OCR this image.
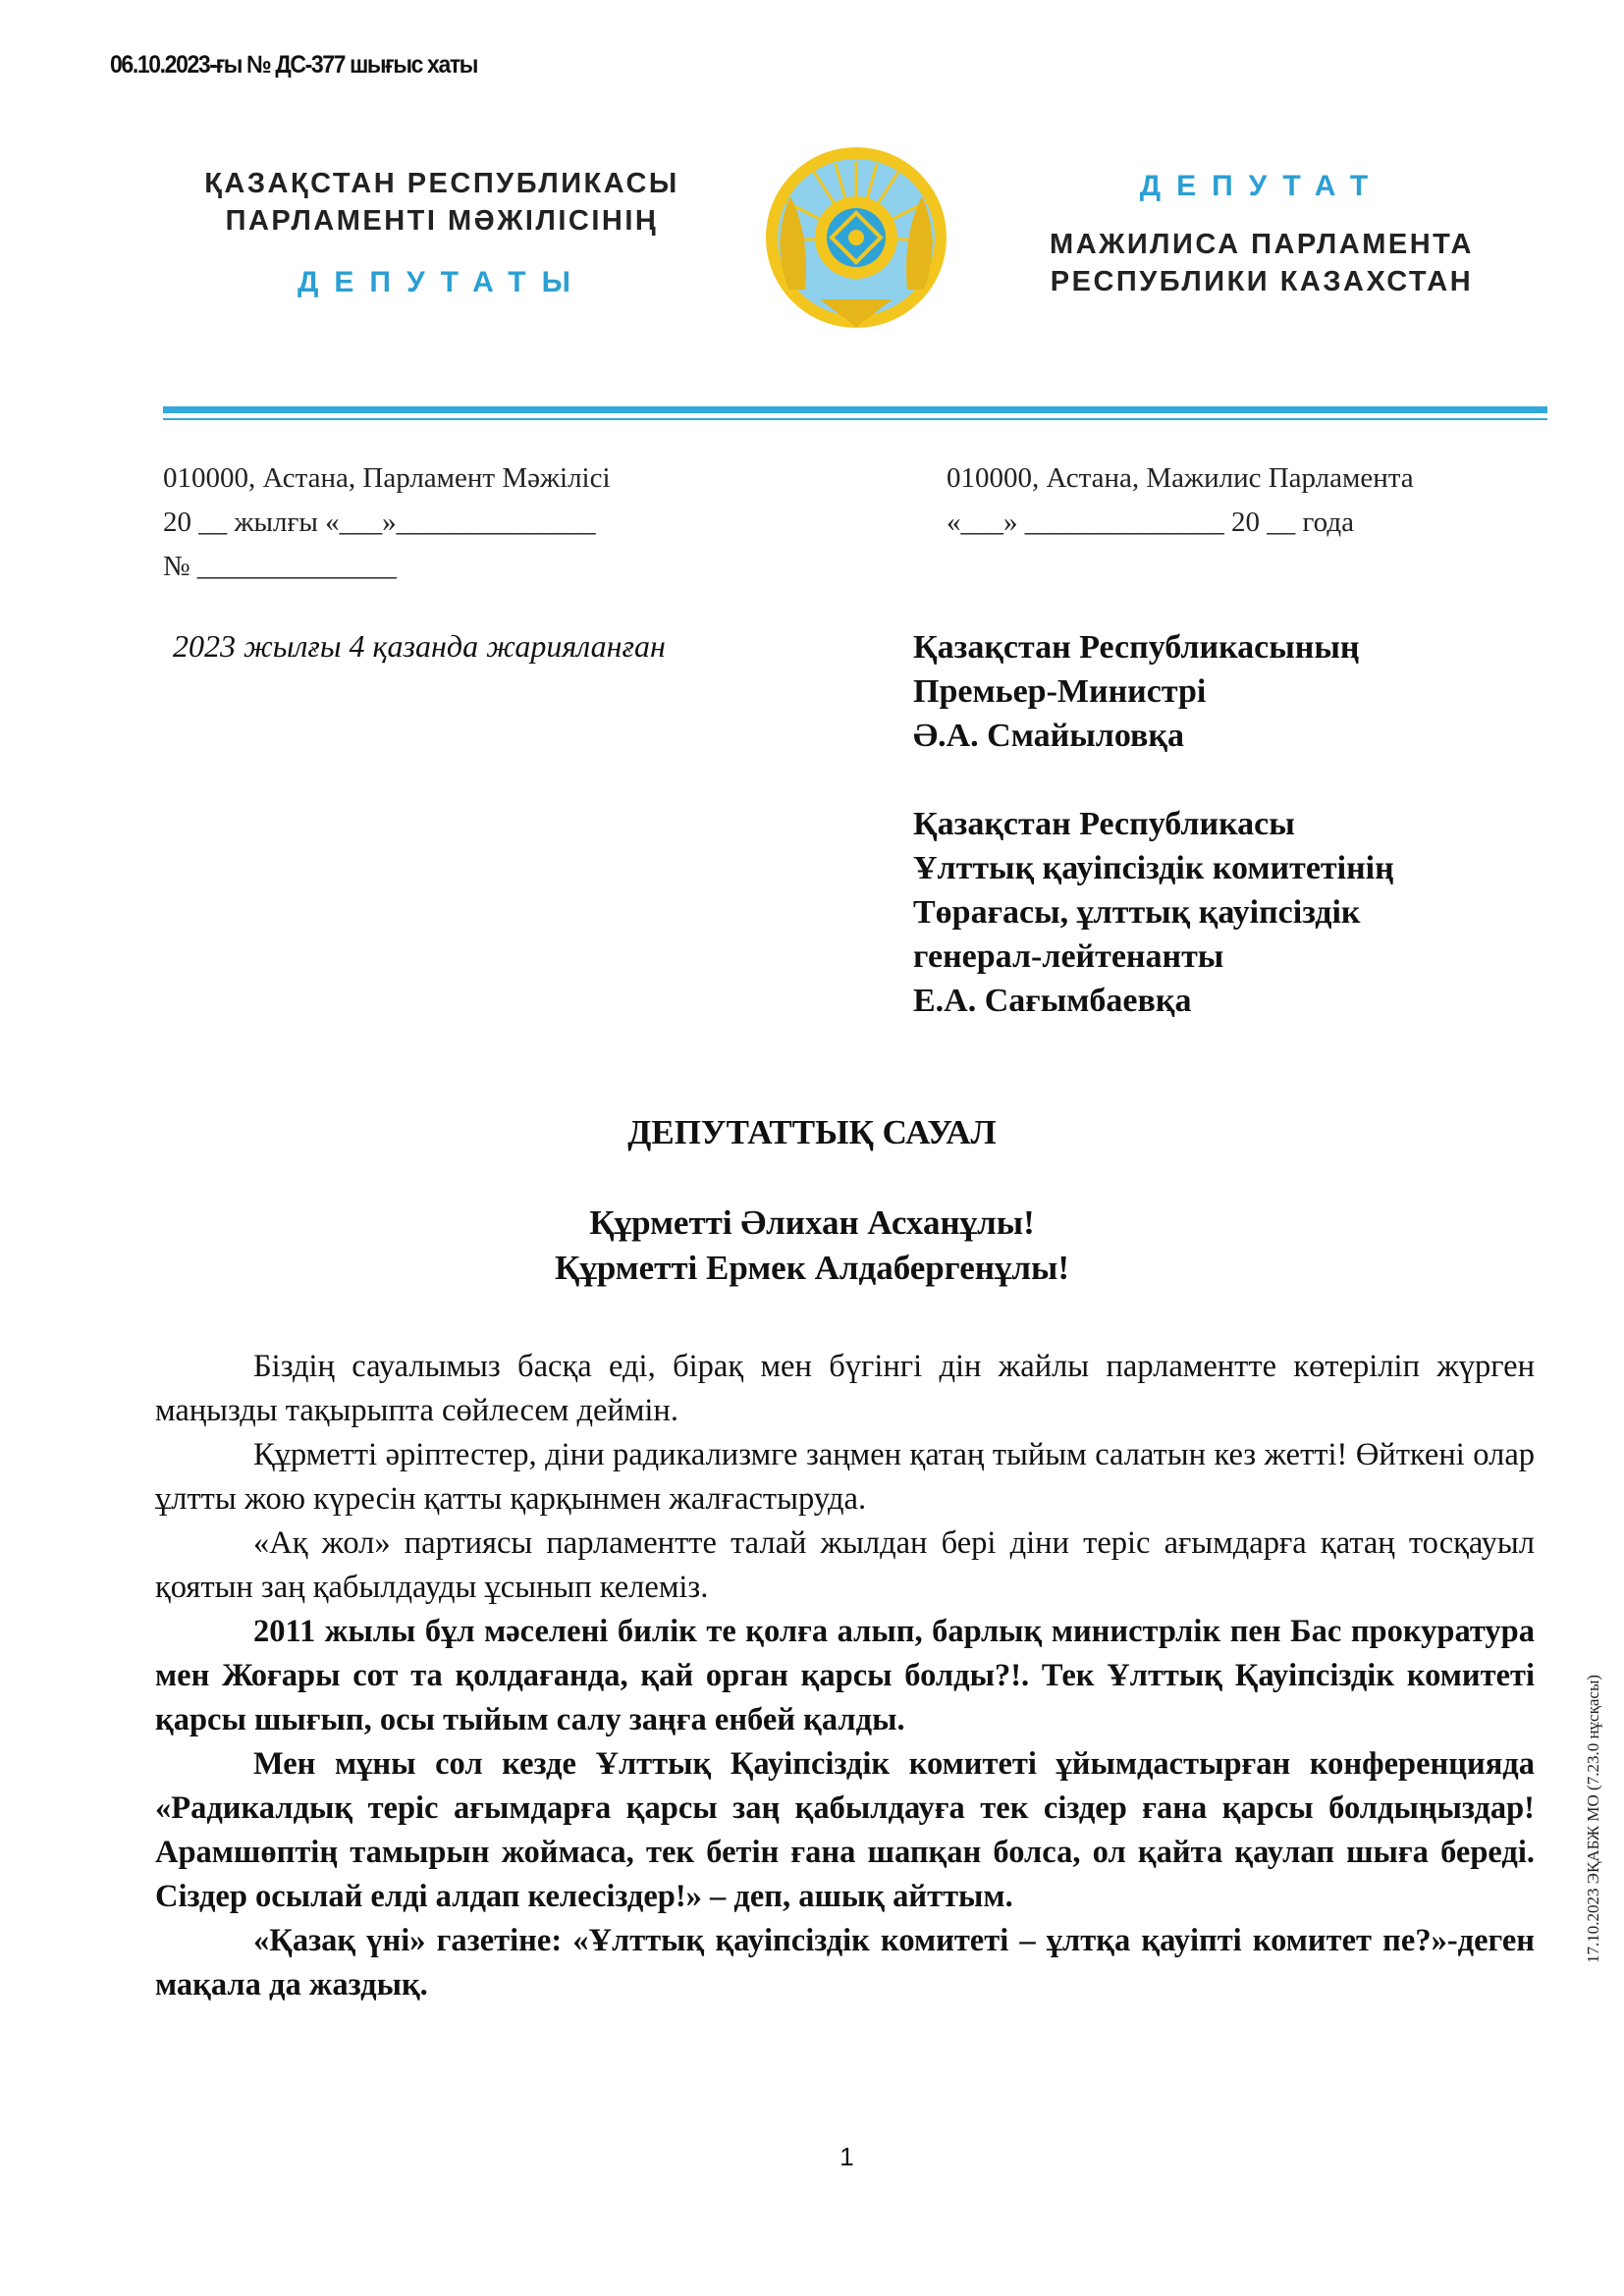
06.10.2023-ғы № ДС-377 шығыс хаты
ҚАЗАҚСТАН РЕСПУБЛИКАСЫ
ПАРЛАМЕНТІ МӘЖІЛІСІНІҢ
ДЕПУТАТЫ
ДЕПУТАТ
МАЖИЛИСА ПАРЛАМЕНТА
РЕСПУБЛИКИ КАЗАХСТАН
010000, Астана, Парламент Мәжілісі
20 __ жылғы «___»______________
№ ______________
010000, Астана, Мажилис Парламента
«___» ______________ 20 __ года
2023 жылғы 4 қазанда жарияланған	Қазақстан Республикасының
Премьер-Министрі
Ә.А. Смайыловқа
Қазақстан Республикасы
Ұлттық қауіпсіздік комитетінің
Төрағасы, ұлттық қауіпсіздік
генерал-лейтенанты
Е.А. Сағымбаевқа
ДЕПУТАТТЫҚ САУАЛ
Құрметті Әлихан Асханұлы!
Құрметті Ермек Алдабергенұлы!

Біздің сауалымыз басқа еді, бірақ мен бүгінгі дін жайлы парламентте көтеріліп жүрген маңызды тақырыпта сөйлесем деймін.

Құрметті әріптестер, діни радикализмге заңмен қатаң тыйым салатын кез жетті! Өйткені олар ұлтты жою күресін қатты қарқынмен жалғастыруда.

«Ақ жол» партиясы парламентте талай жылдан бері діни теріс ағымдарға қатаң тосқауыл қоятын заң қабылдауды ұсынып келеміз.

2011 жылы бұл мәселені билік те қолға алып, барлық министрлік пен Бас прокуратура мен Жоғары сот та қолдағанда, қай орган қарсы болды?!. Тек Ұлттық Қауіпсіздік комитеті қарсы шығып, осы тыйым салу заңға енбей қалды.

Мен мұны сол кезде Ұлттық Қауіпсіздік комитеті ұйымдастырған конференцияда «Радикалдық теріс ағымдарға қарсы заң қабылдауға тек сіздер ғана қарсы болдыңыздар! Арамшөптің тамырын жоймаса, тек бетін ғана шапқан болса, ол қайта қаулап шыға береді. Сіздер осылай елді алдап келесіздер!» – деп, ашық айттым.

«Қазақ үні» газетіне: «Ұлттық қауіпсіздік комитеті – ұлтқа қауіпті комитет пе?»-деген мақала да жаздық.

17.10.2023 ЭҚАБЖ МО (7.23.0 нұсқасы)
1
